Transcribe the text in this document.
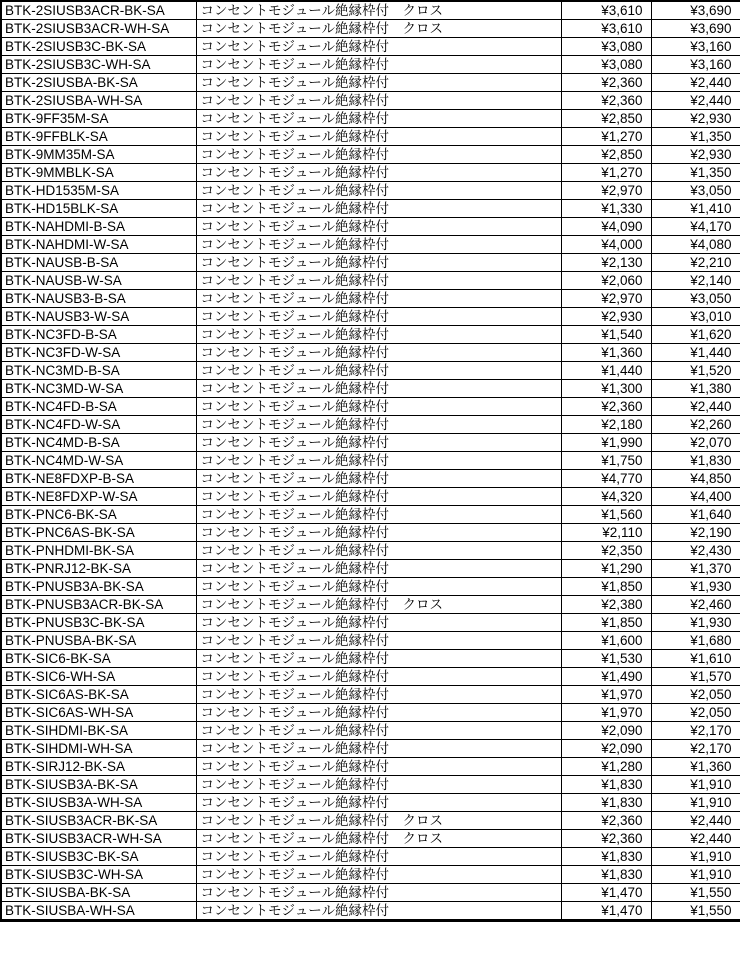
BTK-2SIUSB3ACR-BK-SA	コンセントモジュール絶縁枠付　クロス	¥3,610	¥3,690
BTK-2SIUSB3ACR-WH-SA	コンセントモジュール絶縁枠付　クロス	¥3,610	¥3,690
BTK-2SIUSB3C-BK-SA	コンセントモジュール絶縁枠付	¥3,080	¥3,160
BTK-2SIUSB3C-WH-SA	コンセントモジュール絶縁枠付	¥3,080	¥3,160
BTK-2SIUSBA-BK-SA	コンセントモジュール絶縁枠付	¥2,360	¥2,440
BTK-2SIUSBA-WH-SA	コンセントモジュール絶縁枠付	¥2,360	¥2,440
BTK-9FF35M-SA	コンセントモジュール絶縁枠付	¥2,850	¥2,930
BTK-9FFBLK-SA	コンセントモジュール絶縁枠付	¥1,270	¥1,350
BTK-9MM35M-SA	コンセントモジュール絶縁枠付	¥2,850	¥2,930
BTK-9MMBLK-SA	コンセントモジュール絶縁枠付	¥1,270	¥1,350
BTK-HD1535M-SA	コンセントモジュール絶縁枠付	¥2,970	¥3,050
BTK-HD15BLK-SA	コンセントモジュール絶縁枠付	¥1,330	¥1,410
BTK-NAHDMI-B-SA	コンセントモジュール絶縁枠付	¥4,090	¥4,170
BTK-NAHDMI-W-SA	コンセントモジュール絶縁枠付	¥4,000	¥4,080
BTK-NAUSB-B-SA	コンセントモジュール絶縁枠付	¥2,130	¥2,210
BTK-NAUSB-W-SA	コンセントモジュール絶縁枠付	¥2,060	¥2,140
BTK-NAUSB3-B-SA	コンセントモジュール絶縁枠付	¥2,970	¥3,050
BTK-NAUSB3-W-SA	コンセントモジュール絶縁枠付	¥2,930	¥3,010
BTK-NC3FD-B-SA	コンセントモジュール絶縁枠付	¥1,540	¥1,620
BTK-NC3FD-W-SA	コンセントモジュール絶縁枠付	¥1,360	¥1,440
BTK-NC3MD-B-SA	コンセントモジュール絶縁枠付	¥1,440	¥1,520
BTK-NC3MD-W-SA	コンセントモジュール絶縁枠付	¥1,300	¥1,380
BTK-NC4FD-B-SA	コンセントモジュール絶縁枠付	¥2,360	¥2,440
BTK-NC4FD-W-SA	コンセントモジュール絶縁枠付	¥2,180	¥2,260
BTK-NC4MD-B-SA	コンセントモジュール絶縁枠付	¥1,990	¥2,070
BTK-NC4MD-W-SA	コンセントモジュール絶縁枠付	¥1,750	¥1,830
BTK-NE8FDXP-B-SA	コンセントモジュール絶縁枠付	¥4,770	¥4,850
BTK-NE8FDXP-W-SA	コンセントモジュール絶縁枠付	¥4,320	¥4,400
BTK-PNC6-BK-SA	コンセントモジュール絶縁枠付	¥1,560	¥1,640
BTK-PNC6AS-BK-SA	コンセントモジュール絶縁枠付	¥2,110	¥2,190
BTK-PNHDMI-BK-SA	コンセントモジュール絶縁枠付	¥2,350	¥2,430
BTK-PNRJ12-BK-SA	コンセントモジュール絶縁枠付	¥1,290	¥1,370
BTK-PNUSB3A-BK-SA	コンセントモジュール絶縁枠付	¥1,850	¥1,930
BTK-PNUSB3ACR-BK-SA	コンセントモジュール絶縁枠付　クロス	¥2,380	¥2,460
BTK-PNUSB3C-BK-SA	コンセントモジュール絶縁枠付	¥1,850	¥1,930
BTK-PNUSBA-BK-SA	コンセントモジュール絶縁枠付	¥1,600	¥1,680
BTK-SIC6-BK-SA	コンセントモジュール絶縁枠付	¥1,530	¥1,610
BTK-SIC6-WH-SA	コンセントモジュール絶縁枠付	¥1,490	¥1,570
BTK-SIC6AS-BK-SA	コンセントモジュール絶縁枠付	¥1,970	¥2,050
BTK-SIC6AS-WH-SA	コンセントモジュール絶縁枠付	¥1,970	¥2,050
BTK-SIHDMI-BK-SA	コンセントモジュール絶縁枠付	¥2,090	¥2,170
BTK-SIHDMI-WH-SA	コンセントモジュール絶縁枠付	¥2,090	¥2,170
BTK-SIRJ12-BK-SA	コンセントモジュール絶縁枠付	¥1,280	¥1,360
BTK-SIUSB3A-BK-SA	コンセントモジュール絶縁枠付	¥1,830	¥1,910
BTK-SIUSB3A-WH-SA	コンセントモジュール絶縁枠付	¥1,830	¥1,910
BTK-SIUSB3ACR-BK-SA	コンセントモジュール絶縁枠付　クロス	¥2,360	¥2,440
BTK-SIUSB3ACR-WH-SA	コンセントモジュール絶縁枠付　クロス	¥2,360	¥2,440
BTK-SIUSB3C-BK-SA	コンセントモジュール絶縁枠付	¥1,830	¥1,910
BTK-SIUSB3C-WH-SA	コンセントモジュール絶縁枠付	¥1,830	¥1,910
BTK-SIUSBA-BK-SA	コンセントモジュール絶縁枠付	¥1,470	¥1,550
BTK-SIUSBA-WH-SA	コンセントモジュール絶縁枠付	¥1,470	¥1,550
